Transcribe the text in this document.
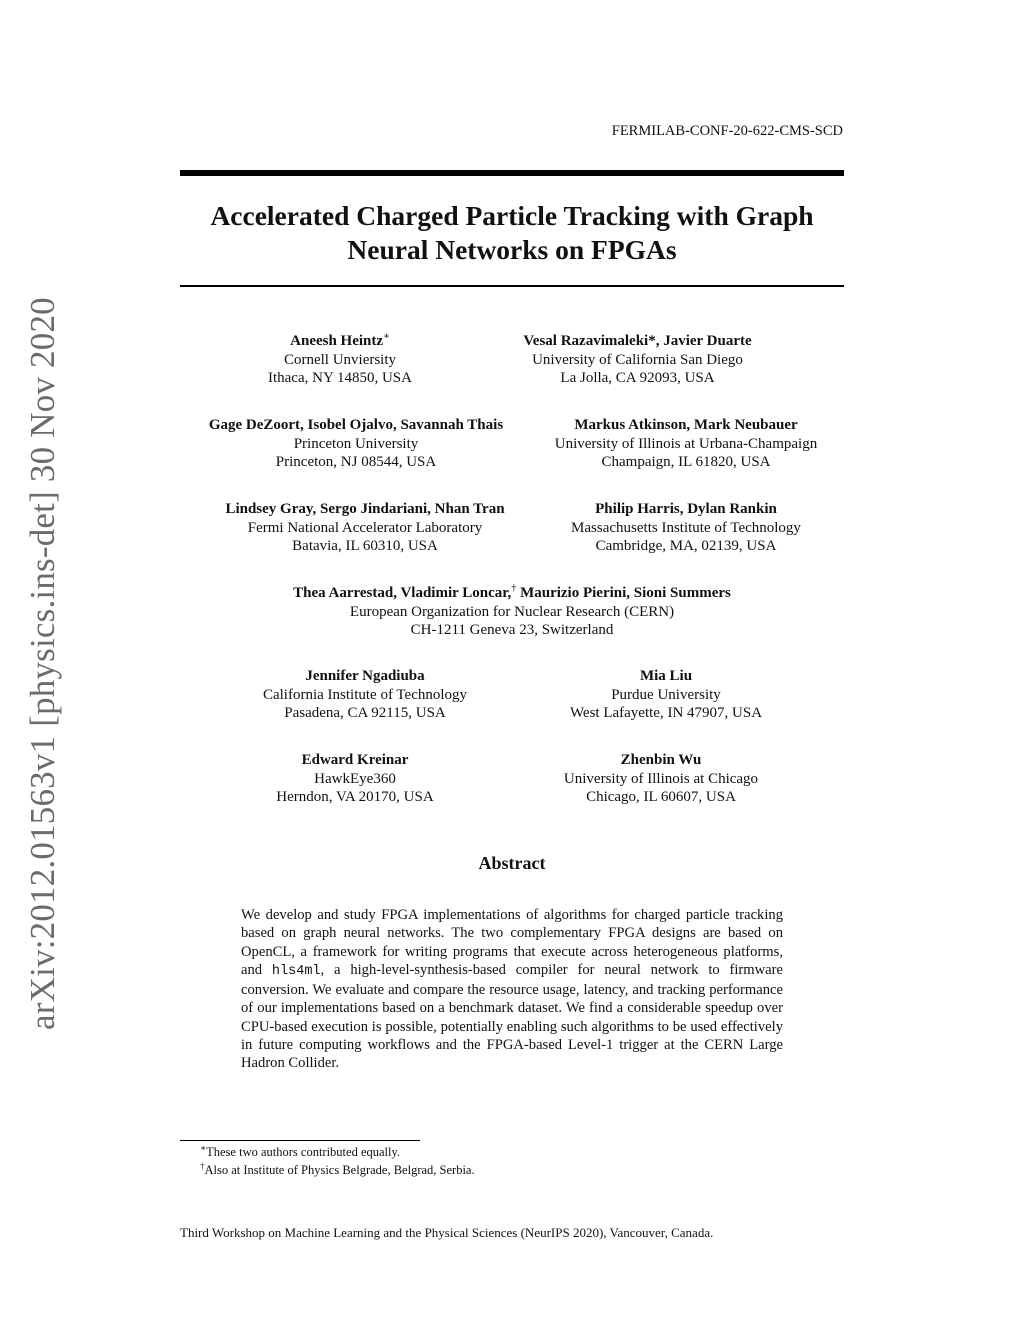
FERMILAB-CONF-20-622-CMS-SCD
Accelerated Charged Particle Tracking with Graph
Neural Networks on FPGAs
arXiv:2012.01563v1 [physics.ins-det] 30 Nov 2020	Aneesh Heintz∗
Cornell Unviersity
Ithaca, NY 14850, USA
Vesal Razavimaleki*, Javier Duarte
University of California San Diego
La Jolla, CA 92093, USA
Gage DeZoort, Isobel Ojalvo, Savannah Thais
Princeton University
Princeton, NJ 08544, USA
Markus Atkinson, Mark Neubauer
University of Illinois at Urbana-Champaign
Champaign, IL 61820, USA
Lindsey Gray, Sergo Jindariani, Nhan Tran
Fermi National Accelerator Laboratory
Batavia, IL 60310, USA
Philip Harris, Dylan Rankin
Massachusetts Institute of Technology
Cambridge, MA, 02139, USA
Thea Aarrestad, Vladimir Loncar,† Maurizio Pierini, Sioni Summers
European Organization for Nuclear Research (CERN)
CH-1211 Geneva 23, Switzerland
Jennifer Ngadiuba
California Institute of Technology
Pasadena, CA 92115, USA
Mia Liu
Purdue University
West Lafayette, IN 47907, USA
Edward Kreinar
HawkEye360
Herndon, VA 20170, USA
Zhenbin Wu
University of Illinois at Chicago
Chicago, IL 60607, USA
Abstract
We develop and study FPGA implementations of algorithms for charged particle tracking based on graph neural networks. The two complementary FPGA designs are based on OpenCL, a framework for writing programs that execute across heterogeneous platforms, and hls4ml, a high-level-synthesis-based compiler for neural network to firmware conversion. We evaluate and compare the resource usage, latency, and tracking performance of our implementations based on a benchmark dataset. We find a considerable speedup over CPU-based execution is possible, potentially enabling such algorithms to be used effectively in future computing workflows and the FPGA-based Level-1 trigger at the CERN Large Hadron Collider.
∗These two authors contributed equally.
†Also at Institute of Physics Belgrade, Belgrad, Serbia.
Third Workshop on Machine Learning and the Physical Sciences (NeurIPS 2020), Vancouver, Canada.
